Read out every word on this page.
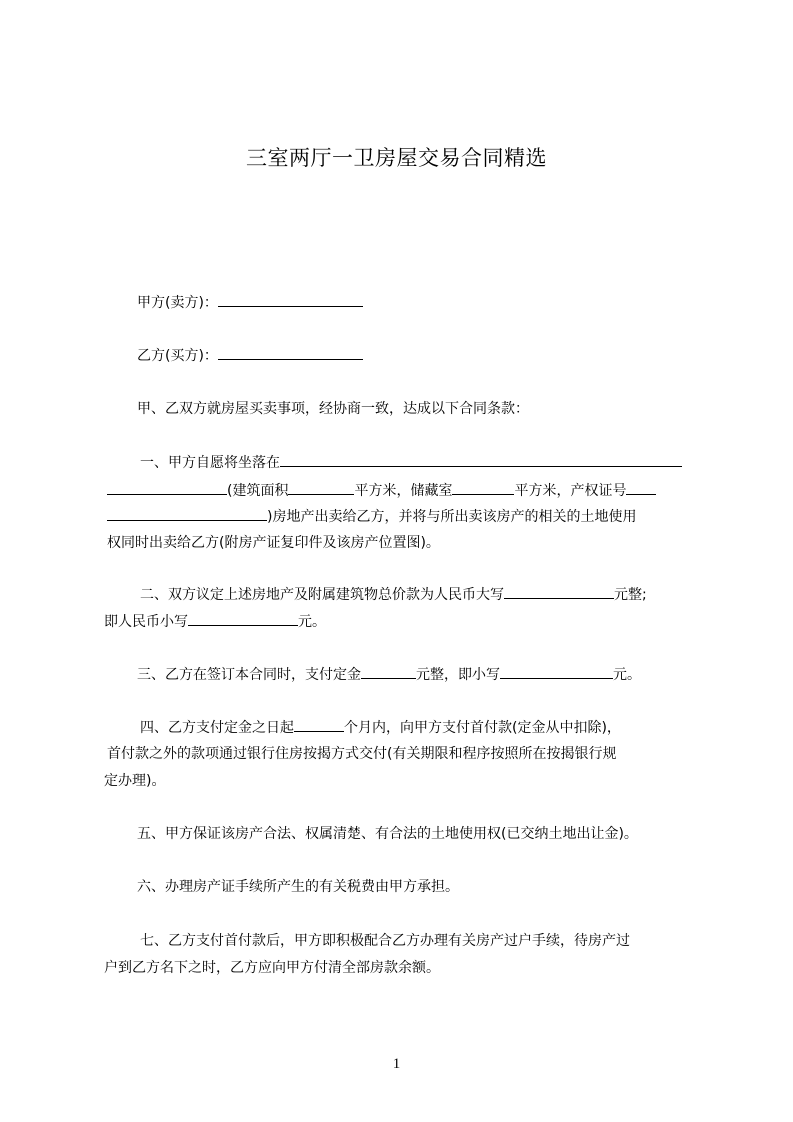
三室两厅一卫房屋交易合同精选
甲方(卖方)：
乙方(买方)：
甲、乙双方就房屋买卖事项，经协商一致，达成以下合同条款：
一、甲方自愿将坐落在
(建筑面积	平方米，储藏室	平方米，产权证号
)房地产出卖给乙方，并将与所出卖该房产的相关的土地使用
权同时出卖给乙方(附房产证复印件及该房产位置图)。
二、双方议定上述房地产及附属建筑物总价款为人民币大写	元整;
即人民币小写	元。
三、乙方在签订本合同时，支付定金	元整，即小写	元。
四、乙方支付定金之日起	个月内，向甲方支付首付款(定金从中扣除)，
首付款之外的款项通过银行住房按揭方式交付(有关期限和程序按照所在按揭银行规
定办理)。
五、甲方保证该房产合法、权属清楚、有合法的土地使用权(已交纳土地出让金)。
六、办理房产证手续所产生的有关税费由甲方承担。
七、乙方支付首付款后，甲方即积极配合乙方办理有关房产过户手续，待房产过
户到乙方名下之时，乙方应向甲方付清全部房款余额。
1
